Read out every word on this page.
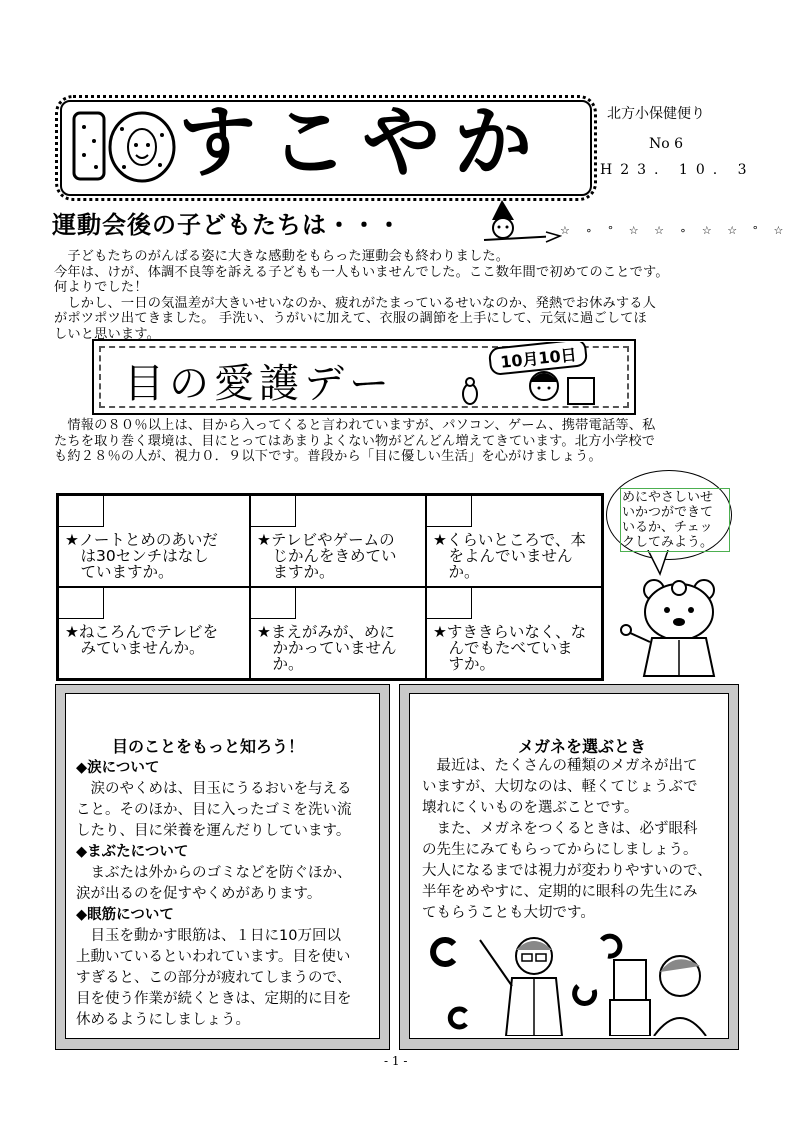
すこやか	北方小保健便り
No 6
H23. 10. 3
運動会後の子どもたちは・・・	☆ ∘ ° ☆ ☆ ∘ ☆ ☆ ° ☆
　子どもたちのがんばる姿に大きな感動をもらった運動会も終わりました。
今年は、けが、体調不良等を訴える子どもも一人もいませんでした。ここ数年間で初めてのことです。
何よりでした！
　しかし、一日の気温差が大きいせいなのか、疲れがたまっているせいなのか、発熱でお休みする人
がポツポツ出てきました。 手洗い、うがいに加えて、衣服の調節を上手にして、元気に過ごしてほ
しいと思います。
目の愛護デー
10月10日
　情報の８０％以上は、目から入ってくると言われていますが、パソコン、ゲーム、携帯電話等、私
たちを取り巻く環境は、目にとってはあまりよくない物がどんどん増えてきています。北方小学校で
も約２８％の人が、視力０．９以下です。普段から「目に優しい生活」を心がけましょう。
★ノートとめのあいだ
　は30センチはなし
　ていますか。
★テレビやゲームの
　じかんをきめてい
　ますか。
★くらいところで、本
　をよんでいません
　か。
★ねころんでテレビを
　みていませんか。
★まえがみが、めに
　かかっていません
　か。
★すききらいなく、な
　んでもたべていま
　すか。
めにやさしいせ
いかつができて
いるか、チェッ
クしてみよう。
目のことをもっと知ろう！
◆涙について
　涙のやくめは、目玉にうるおいを与える
こと。そのほか、目に入ったゴミを洗い流
したり、目に栄養を運んだりしています。
◆まぶたについて
　まぶたは外からのゴミなどを防ぐほか、
涙が出るのを促すやくめがあります。
◆眼筋について
　目玉を動かす眼筋は、１日に10万回以
上動いているといわれています。目を使い
すぎると、この部分が疲れてしまうので、
目を使う作業が続くときは、定期的に目を
休めるようにしましょう。
メガネを選ぶとき
　最近は、たくさんの種類のメガネが出て
いますが、大切なのは、軽くてじょうぶで
壊れにくいものを選ぶことです。
　また、メガネをつくるときは、必ず眼科
の先生にみてもらってからにしましょう。
大人になるまでは視力が変わりやすいので、
半年をめやすに、定期的に眼科の先生にみ
てもらうことも大切です。
- 1 -
